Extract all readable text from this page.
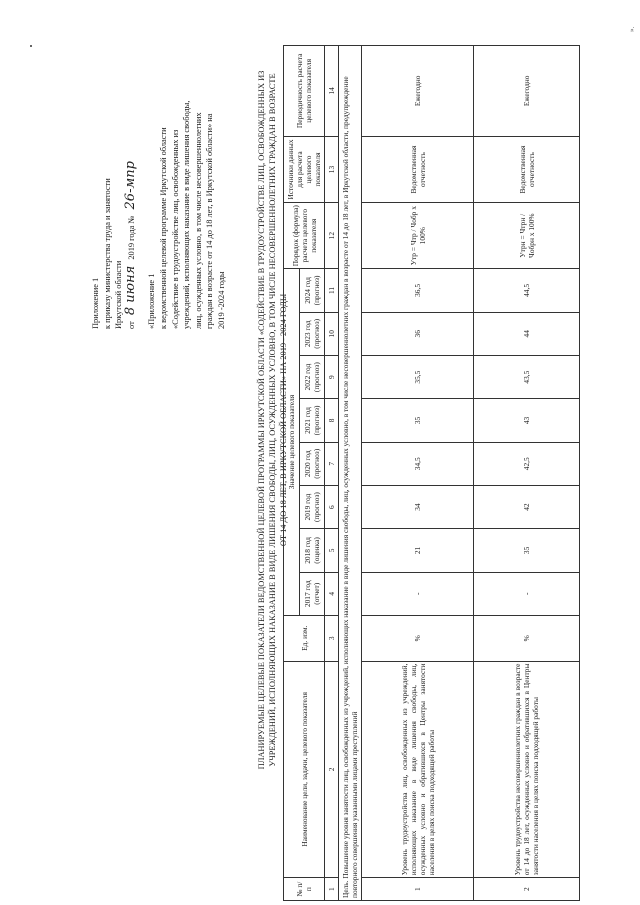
Приложение 1 к приказу министерства труда и занятости Иркутской области от 8 июня 2019 года № 26-мпр
«Приложение 1 к ведомственной целевой программе Иркутской области «Содействие в трудоустройстве лиц, освобожденных из учреждений, исполняющих наказание в виде лишения свободы, лиц, осужденных условно, в том числе несовершеннолетних граждан в возрасте от 14 до 18 лет, в Иркутской области» на 2019 -2024 годы	ПЛАНИРУЕМЫЕ ЦЕЛЕВЫЕ ПОКАЗАТЕЛИ ВЕДОМСТВЕННОЙ ЦЕЛЕВОЙ ПРОГРАММЫ ИРКУТСКОЙ ОБЛАСТИ «СОДЕЙСТВИЕ В ТРУДОУСТРОЙСТВЕ ЛИЦ, ОСВОБОЖДЕННЫХ ИЗ УЧРЕЖДЕНИЙ, ИСПОЛНЯЮЩИХ НАКАЗАНИЕ В ВИДЕ ЛИШЕНИЯ СВОБОДЫ, ЛИЦ, ОСУЖДЕННЫХ УСЛОВНО, В ТОМ ЧИСЛЕ НЕСОВЕРШЕННОЛЕТНИХ ГРАЖДАН В ВОЗРАСТЕ ОТ 14 ДО 18 ЛЕТ, В ИРКУТСКОЙ ОБЛАСТИ» НА 2019 - 2024 ГОДЫ
№ п/п	Наименование цели, задачи, целевого показателя	Ед. изм.	Значение целевого показателя								Порядок (формула) расчета целевого показателя	Источники данных для расчета целевого показателя	Периодичность расчета целевого показателя	
			2017 год (отчет)	2018 год (оценка)	2019 год (прогноз)	2020 год (прогноз)	2021 год (прогноз)	2022 год (прогноз)	2023 год (прогноз)	2024 год (прогноз)				
1	2	3	4	5	6	7	8	9	10	11	12	13	14	
Цель. Повышение уровня занятости лиц, освобожденных из учреждений, исполняющих наказание в виде лишения свободы, лиц, осужденных условно, в том числе несовершеннолетних граждан в возрасте от 14 до 18 лет, в Иркутской области, предупреждение повторного совершения указанными лицами преступлений														
1	Уровень трудоустройства лиц, освобожденных из учреждений, исполняющих наказание в виде лишения свободы, лиц, осужденных условно и обратившихся в Центры занятости населения в целях поиска подходящей работы	%	-	21	34	34,5	35	35,5	36	36,5	Утр = Чтр / Чобр х 100%	Ведомственная отчетность	Ежегодно	
2	Уровень трудоустройства несовершеннолетних граждан в возрасте от 14 до 18 лет, осужденных условно и обратившихся в Центры занятости населения в целях поиска подходящей работы	%	-	35	42	42,5	43	43,5	44	44,5	Утрн = Чтрн / Чобрн х 100%	Ведомственная отчетность	Ежегодно	
».
